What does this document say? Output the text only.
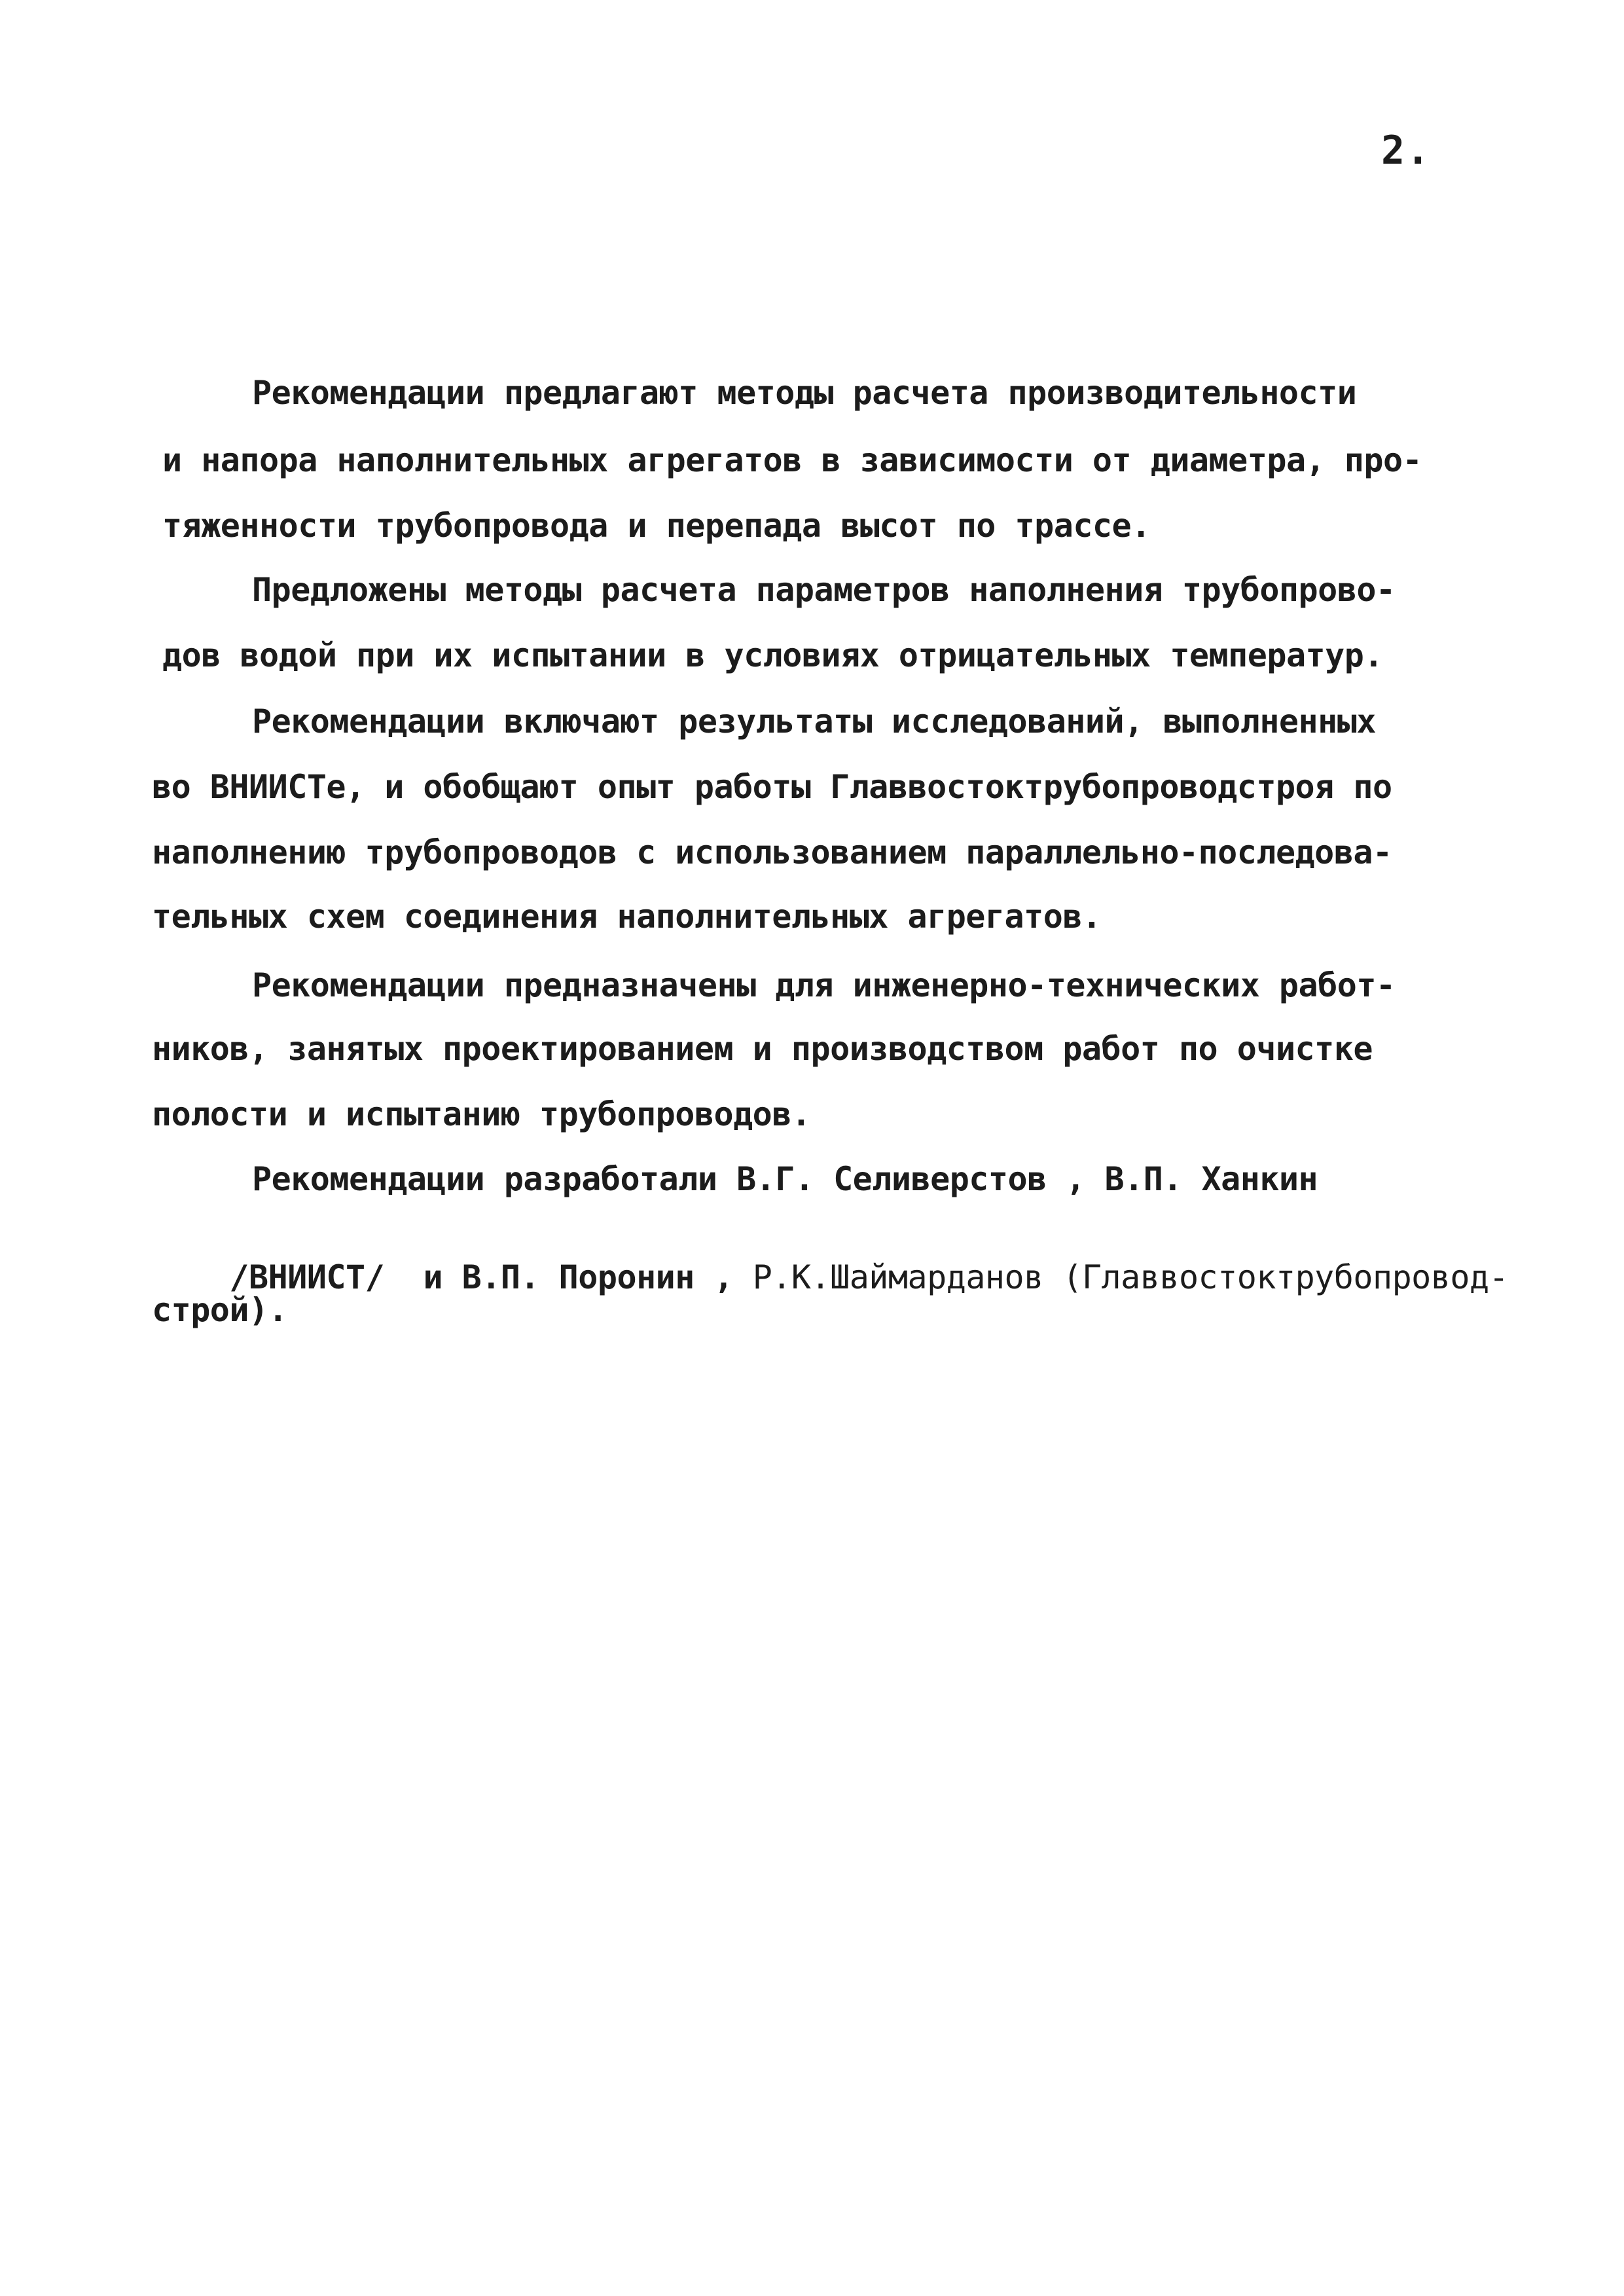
2.
Рекомендации предлагают методы расчета производительности
и напора наполнительных агрегатов в зависимости от диаметра, про-
тяженности трубопровода и перепада высот по трассе.
Предложены методы расчета параметров наполнения трубопрово-
дов водой при их испытании в условиях отрицательных температур.
Рекомендации включают результаты исследований, выполненных
во ВНИИСТе, и обобщают опыт работы Главвостоктрубопроводстроя по
наполнению трубопроводов с использованием параллельно-последова-
тельных схем соединения наполнительных агрегатов.
Рекомендации предназначены для инженерно-технических работ-
ников, занятых проектированием и производством работ по очистке
полости и испытанию трубопроводов.
Рекомендации разработали В.Г. Селиверстов , В.П. Ханкин

/ВНИИСТ/  и В.П. Поронин , Р.К.Шаймарданов (Главвостоктрубопровод-

строй).
